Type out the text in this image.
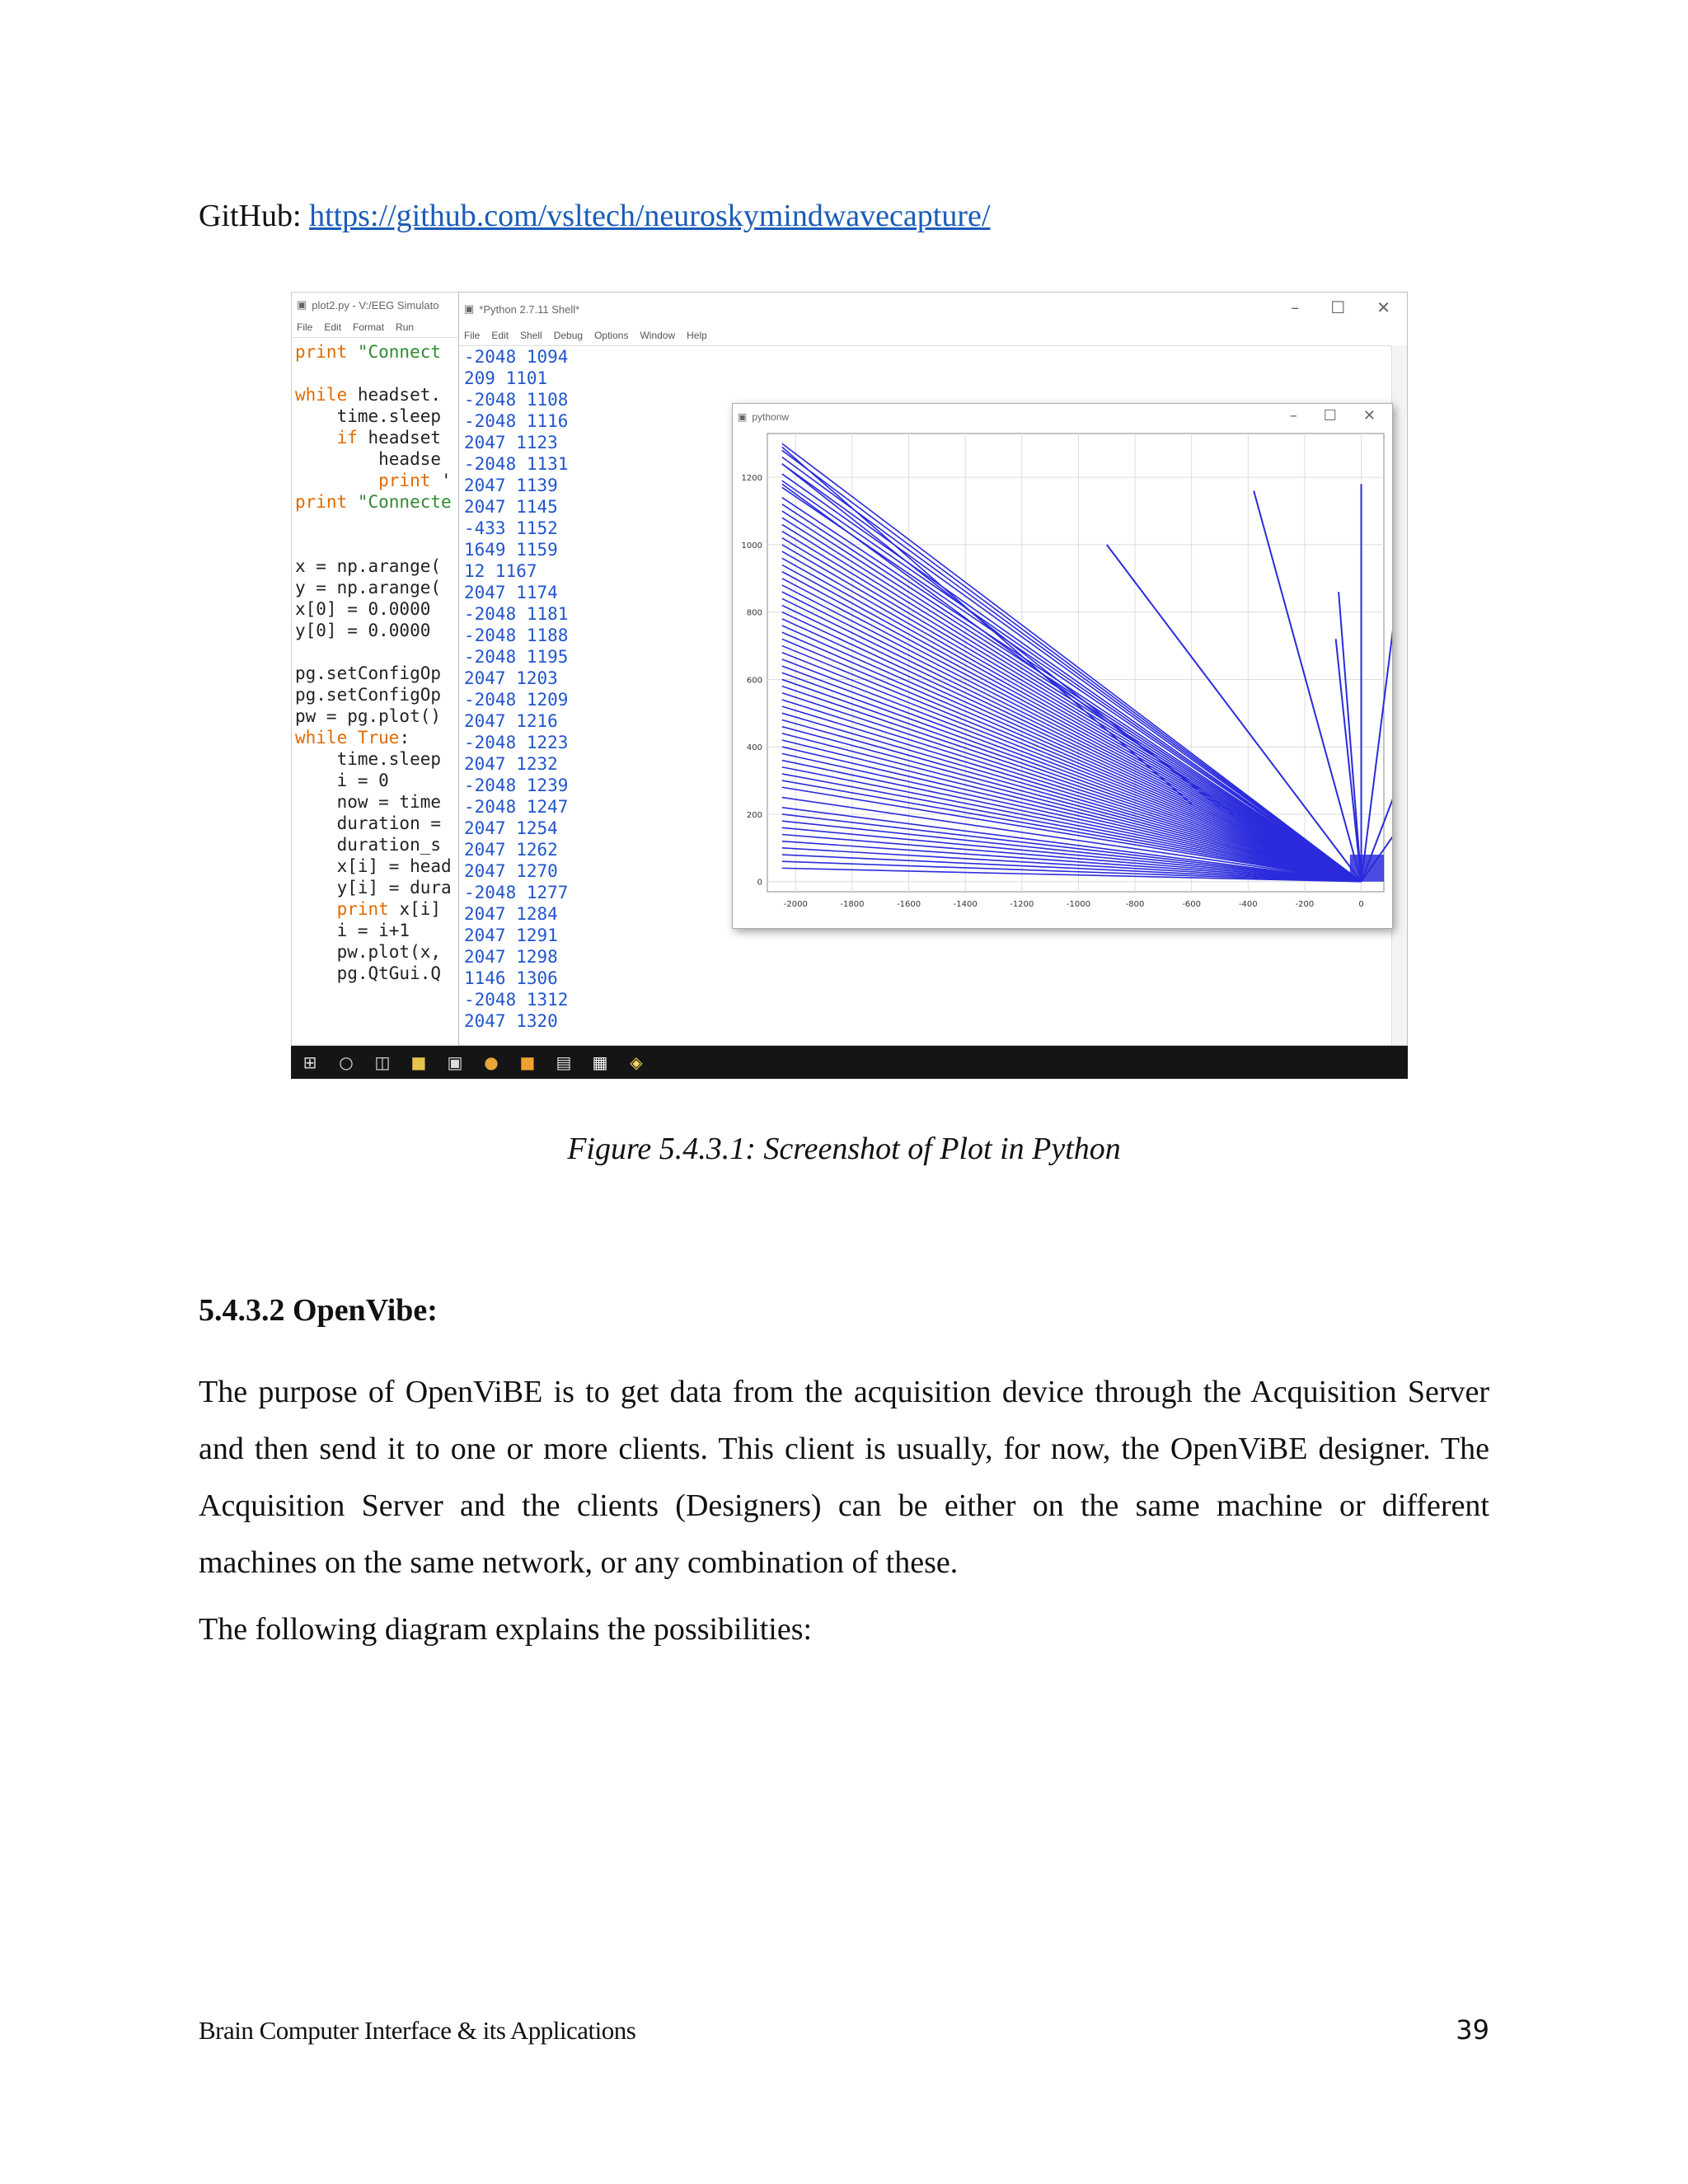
GitHub: https://github.com/vsltech/neuroskymindwavecapture/
▣ plot2.py - V:/EEG Simulato
File Edit Format Run
print "Connect
while headset.
time.sleep
if headset
headse
print '
print "Connecte
x = np.arange(
y = np.arange(
x[0] = 0.0000
y[0] = 0.0000
pg.setConfigOp
pg.setConfigOp
pw = pg.plot()
while True:
time.sleep
i = 0
now = time
duration =
duration_s
x[i] = head
y[i] = dura
print x[i]
i = i+1
pw.plot(x,
pg.QtGui.Q
▣ *Python 2.7.11 Shell*	– ☐ ✕
File Edit Shell Debug Options Window Help
-2048 1094
209 1101
-2048 1108
-2048 1116
2047 1123
-2048 1131
2047 1139
2047 1145
-433 1152
1649 1159
12 1167
2047 1174
-2048 1181
-2048 1188
-2048 1195
2047 1203
-2048 1209
2047 1216
-2048 1223
2047 1232
-2048 1239
-2048 1247
2047 1254
2047 1262
2047 1270
-2048 1277
2047 1284
2047 1291
2047 1298
1146 1306
-2048 1312
2047 1320
▣ pythonw	– ☐ ✕
-2000	-1800	-1600	-1400	-1200	-1000	-800	-600	-400	-200	0
0
200
400
600
800
1000
1200
⊞ ○ ◫ ■ ▣ ● ■ ▤ ▦ ◈
Figure 5.4.3.1: Screenshot of Plot in Python
5.4.3.2 OpenVibe:
The purpose of OpenViBE is to get data from the acquisition device through the Acquisition Server and then send it to one or more clients. This client is usually, for now, the OpenViBE designer. The Acquisition Server and the clients (Designers) can be either on the same machine or different machines on the same network, or any combination of these.
The following diagram explains the possibilities:
Brain Computer Interface & its Applications	39
